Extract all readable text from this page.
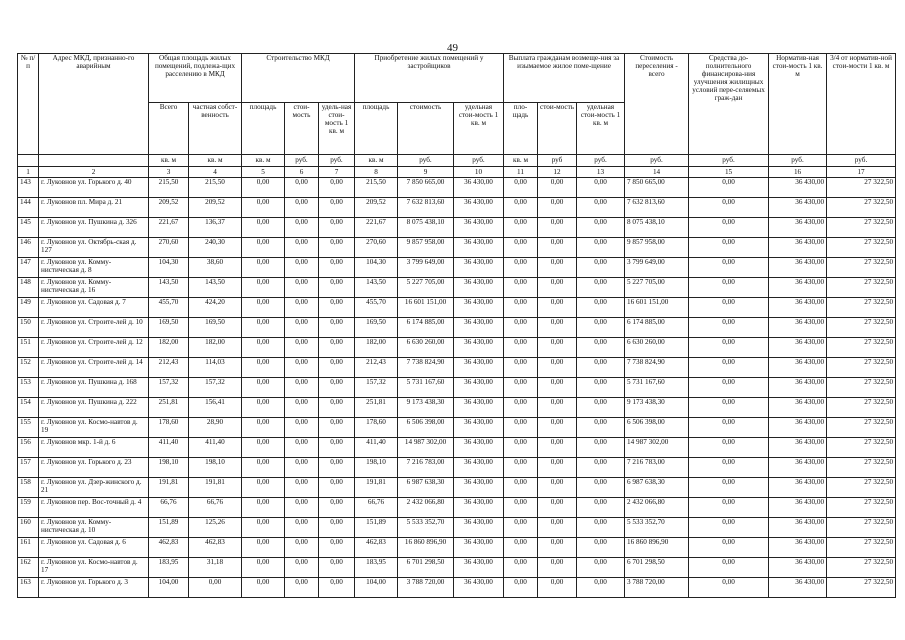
49
№ п/п	Адрес МКД, признанно-го аварийным	Общая площадь жилых помещений, подлежа-щих расселению в МКД		Строительство МКД			Приобретение жилых помещений у застройщиков			Выплата гражданам возмеще-ния за изымаемое жилое поме-щение			Стоимость переселения - всего	Средства до-полнительного финансирова-ния улучшения жилищных условий пере-селяемых граж-дан	Норматив-ная стои-мость 1 кв. м	3/4 от норматив-ной стои-мости 1 кв. м
		Всего	частная собст-венность	площадь	стои-мость	удель-ная стои-мость 1 кв. м	площадь	стоимость	удельная стои-мость 1 кв. м	пло-щадь	стои-мость	удельная стои-мость 1 кв. м				
		кв. м	кв. м	кв. м	руб.	руб.	кв. м	руб.	руб.	кв. м	руб	руб.	руб.	руб.	руб.	руб.
1	2	3	4	5	6	7	8	9	10	11	12	13	14	15	16	17
143	г. Луковнов ул. Горького д. 40	215,50	215,50	0,00	0,00	0,00	215,50	7 850 665,00	36 430,00	0,00	0,00	0,00	7 850 665,00	0,00	36 430,00	27 322,50
144	г. Луковнов пл. Мира д. 21	209,52	209,52	0,00	0,00	0,00	209,52	7 632 813,60	36 430,00	0,00	0,00	0,00	7 632 813,60	0,00	36 430,00	27 322,50
145	г. Луковнов ул. Пушкина д. 326	221,67	136,37	0,00	0,00	0,00	221,67	8 075 438,10	36 430,00	0,00	0,00	0,00	8 075 438,10	0,00	36 430,00	27 322,50
146	г. Луковнов ул. Октябрь-ская д. 127	270,60	240,30	0,00	0,00	0,00	270,60	9 857 958,00	36 430,00	0,00	0,00	0,00	9 857 958,00	0,00	36 430,00	27 322,50
147	г. Луковнов ул. Комму-нистическая д. 8	104,30	38,60	0,00	0,00	0,00	104,30	3 799 649,00	36 430,00	0,00	0,00	0,00	3 799 649,00	0,00	36 430,00	27 322,50
148	г. Луковнов ул. Комму-нистическая д. 16	143,50	143,50	0,00	0,00	0,00	143,50	5 227 705,00	36 430,00	0,00	0,00	0,00	5 227 705,00	0,00	36 430,00	27 322,50
149	г. Луковнов ул. Садовая д. 7	455,70	424,20	0,00	0,00	0,00	455,70	16 601 151,00	36 430,00	0,00	0,00	0,00	16 601 151,00	0,00	36 430,00	27 322,50
150	г. Луковнов ул. Строите-лей д. 10	169,50	169,50	0,00	0,00	0,00	169,50	6 174 885,00	36 430,00	0,00	0,00	0,00	6 174 885,00	0,00	36 430,00	27 322,50
151	г. Луковнов ул. Строите-лей д. 12	182,00	182,00	0,00	0,00	0,00	182,00	6 630 260,00	36 430,00	0,00	0,00	0,00	6 630 260,00	0,00	36 430,00	27 322,50
152	г. Луковнов ул. Строите-лей д. 14	212,43	114,03	0,00	0,00	0,00	212,43	7 738 824,90	36 430,00	0,00	0,00	0,00	7 738 824,90	0,00	36 430,00	27 322,50
153	г. Луковнов ул. Пушкина д. 168	157,32	157,32	0,00	0,00	0,00	157,32	5 731 167,60	36 430,00	0,00	0,00	0,00	5 731 167,60	0,00	36 430,00	27 322,50
154	г. Луковнов ул. Пушкина д. 222	251,81	156,41	0,00	0,00	0,00	251,81	9 173 438,30	36 430,00	0,00	0,00	0,00	9 173 438,30	0,00	36 430,00	27 322,50
155	г. Луковнов ул. Космо-навтов д. 19	178,60	28,90	0,00	0,00	0,00	178,60	6 506 398,00	36 430,00	0,00	0,00	0,00	6 506 398,00	0,00	36 430,00	27 322,50
156	г. Луковнов мкр. 1-й д. 6	411,40	411,40	0,00	0,00	0,00	411,40	14 987 302,00	36 430,00	0,00	0,00	0,00	14 987 302,00	0,00	36 430,00	27 322,50
157	г. Луковнов ул. Горького д. 23	198,10	198,10	0,00	0,00	0,00	198,10	7 216 783,00	36 430,00	0,00	0,00	0,00	7 216 783,00	0,00	36 430,00	27 322,50
158	г. Луковнов ул. Дзер-жинского д. 21	191,81	191,81	0,00	0,00	0,00	191,81	6 987 638,30	36 430,00	0,00	0,00	0,00	6 987 638,30	0,00	36 430,00	27 322,50
159	г. Луковнов пер. Вос-точный д. 4	66,76	66,76	0,00	0,00	0,00	66,76	2 432 066,80	36 430,00	0,00	0,00	0,00	2 432 066,80	0,00	36 430,00	27 322,50
160	г. Луковнов ул. Комму-нистическая д. 10	151,89	125,26	0,00	0,00	0,00	151,89	5 533 352,70	36 430,00	0,00	0,00	0,00	5 533 352,70	0,00	36 430,00	27 322,50
161	г. Луковнов ул. Садовая д. 6	462,83	462,83	0,00	0,00	0,00	462,83	16 860 896,90	36 430,00	0,00	0,00	0,00	16 860 896,90	0,00	36 430,00	27 322,50
162	г. Луковнов ул. Космо-навтов д. 17	183,95	31,18	0,00	0,00	0,00	183,95	6 701 298,50	36 430,00	0,00	0,00	0,00	6 701 298,50	0,00	36 430,00	27 322,50
163	г. Луковнов ул. Горького д. 3	104,00	0,00	0,00	0,00	0,00	104,00	3 788 720,00	36 430,00	0,00	0,00	0,00	3 788 720,00	0,00	36 430,00	27 322,50
